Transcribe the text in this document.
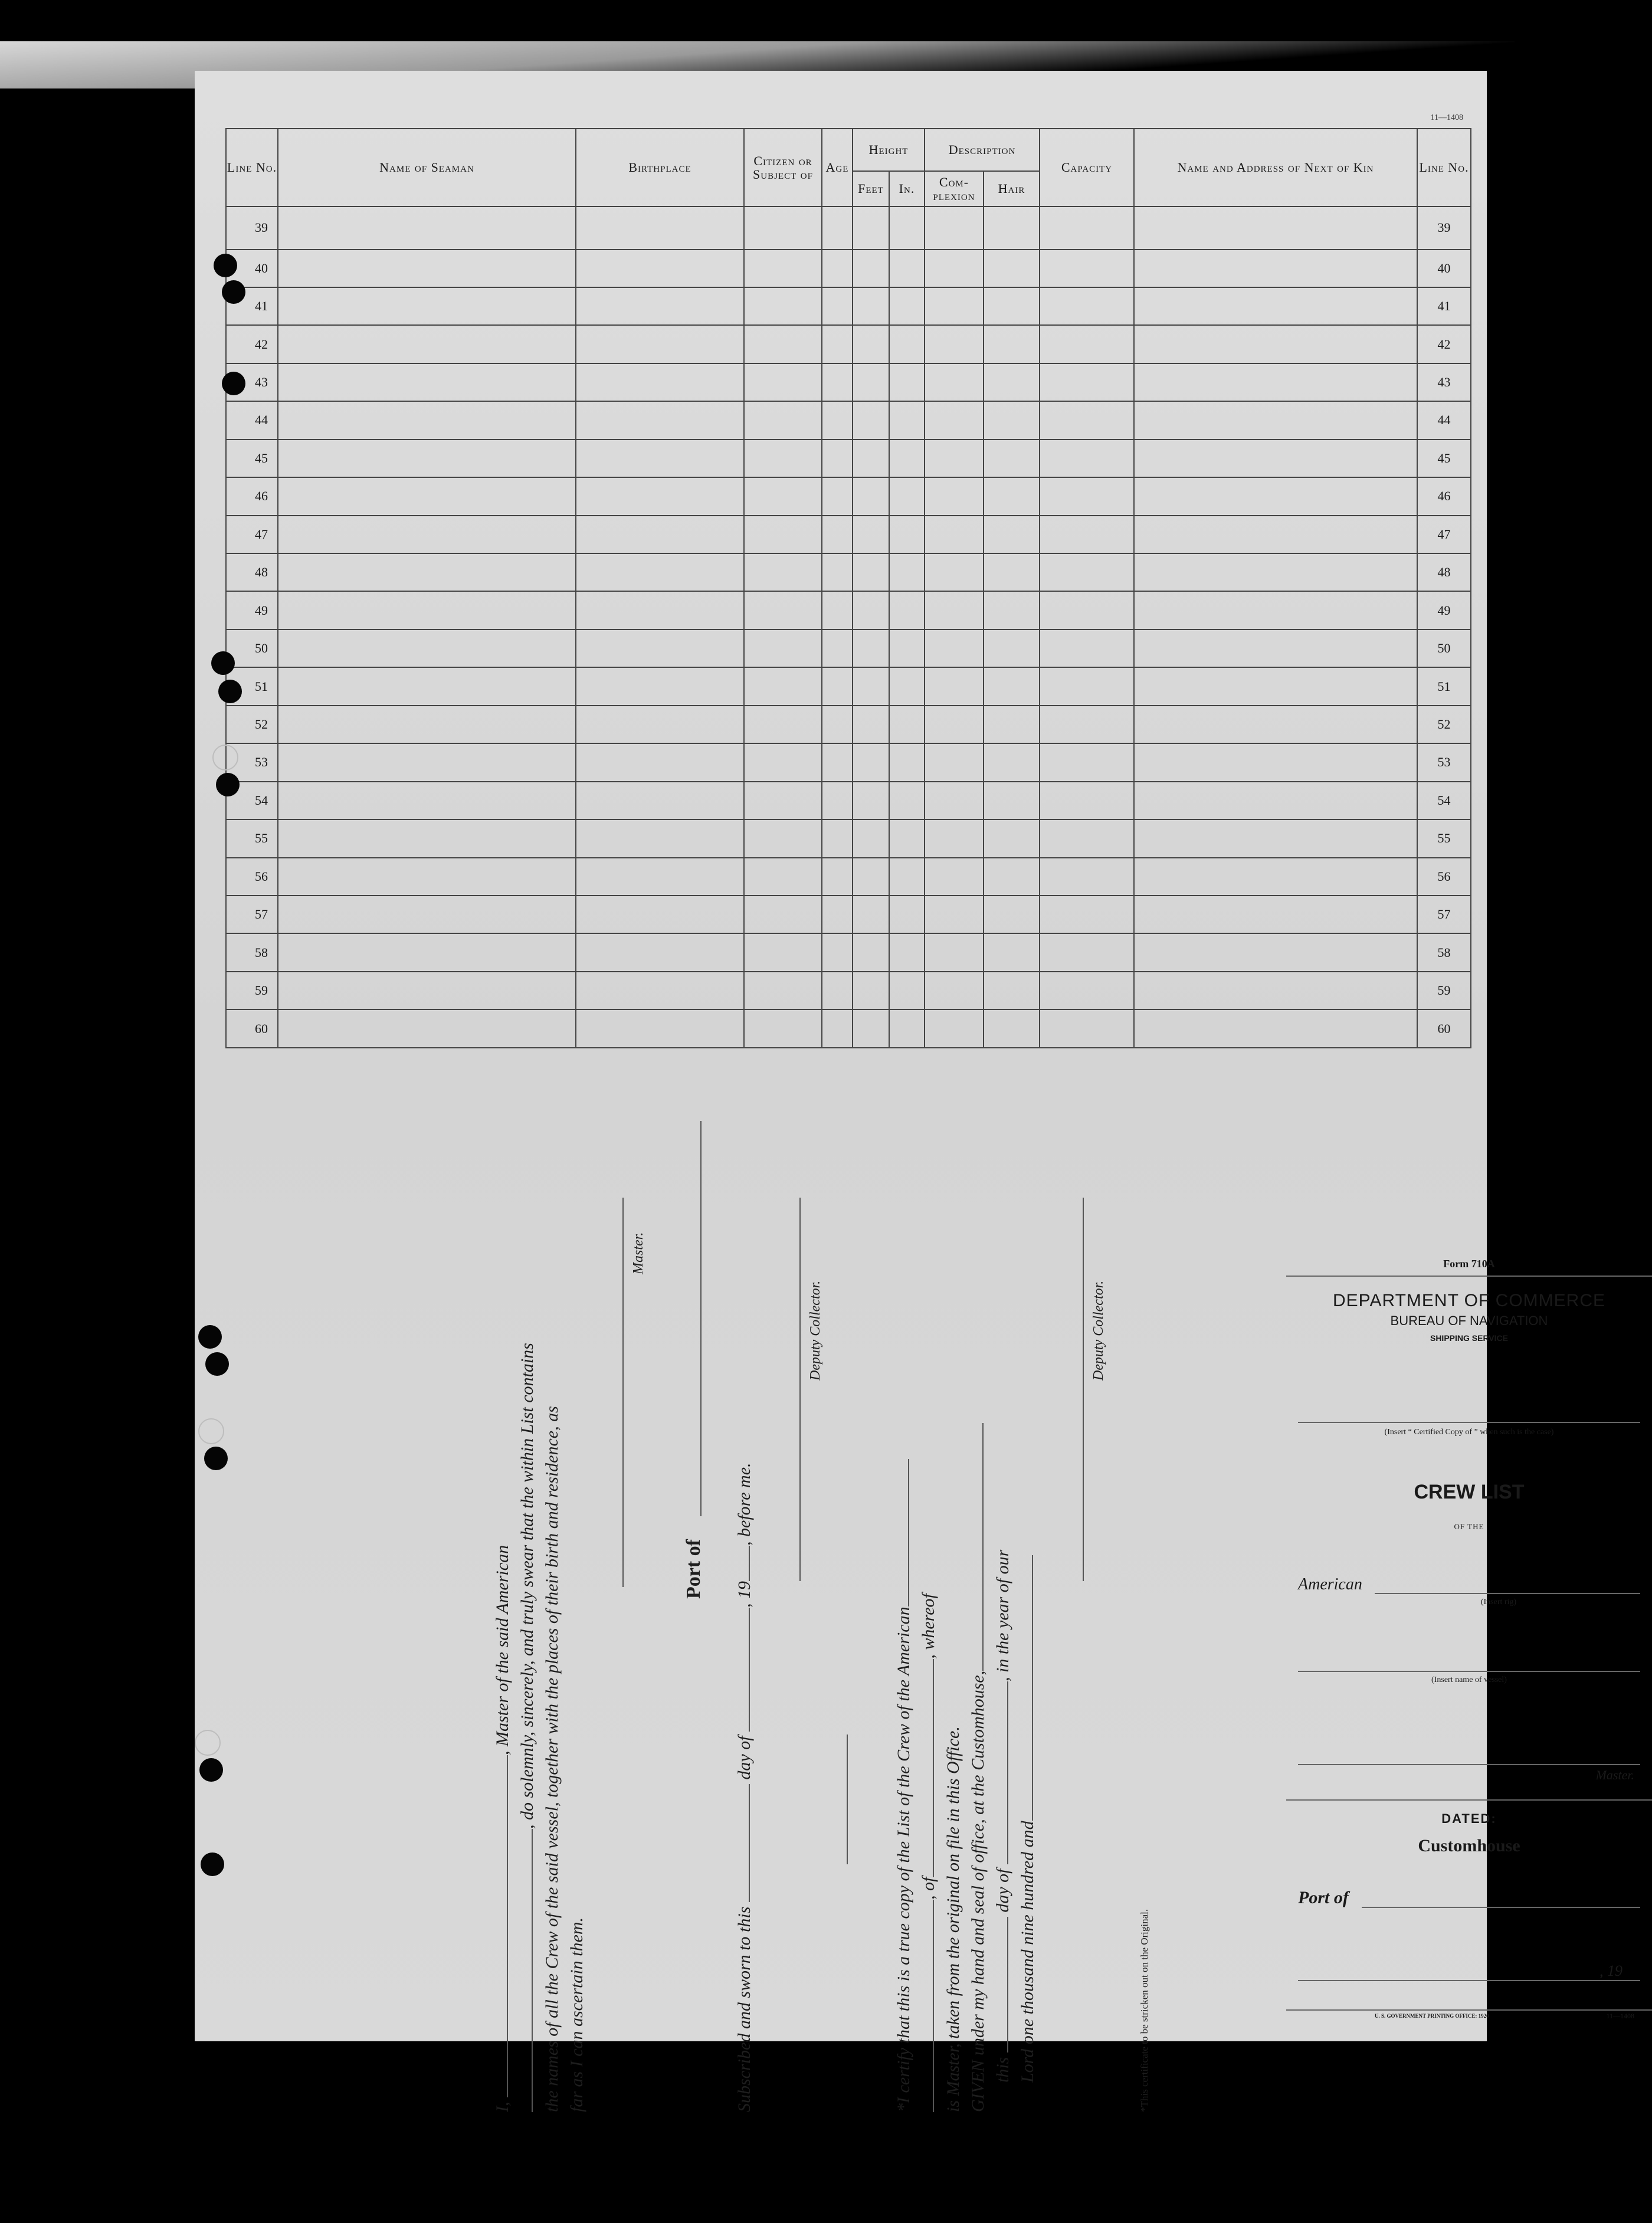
11—1408
Line No.	Name of Seaman	Birthplace	Citizen or Subject of	Age	Height		Description		Capacity	Name and Address of Next of Kin	Line No.
					Feet	In.	Com- plexion	Hair			
39											39
40											40
41											41
42											42
43											43
44											44
45											45
46											46
47											47
48											48
49											49
50											50
51											51
52											52
53											53
54											54
55											55
56											56
57											57
58											58
59											59
60											60
I, , Master of the said American , do solemnly, sincerely, and truly swear that the within List contains the names of all the Crew of the said vessel, together with the places of their birth and residence, as far as I can ascertain them.
Master.
Port of
Subscribed and sworn to this  day of , 19, before me.
Deputy Collector.
*I certify that this is a true copy of the List of the Crew of the American , of, whereof
is Master, taken from the original on file in this Office. GIVEN under my hand and seal of office, at the Customhouse, this  day of , in the year of our
Lord one thousand nine hundred and
Deputy Collector.
*This certificate to be stricken out on the Original.
Form 710A
DEPARTMENT OF COMMERCE
BUREAU OF NAVIGATION
SHIPPING SERVICE
(Insert “ Certified Copy of ” when such is the case)
CREW LIST
OF THE
American
(Insert rig)
(Insert name of vessel)
Master.
DATED:
Customhouse
Port of
, 19
U. S. GOVERNMENT PRINTING OFFICE: 1920	11—1408
